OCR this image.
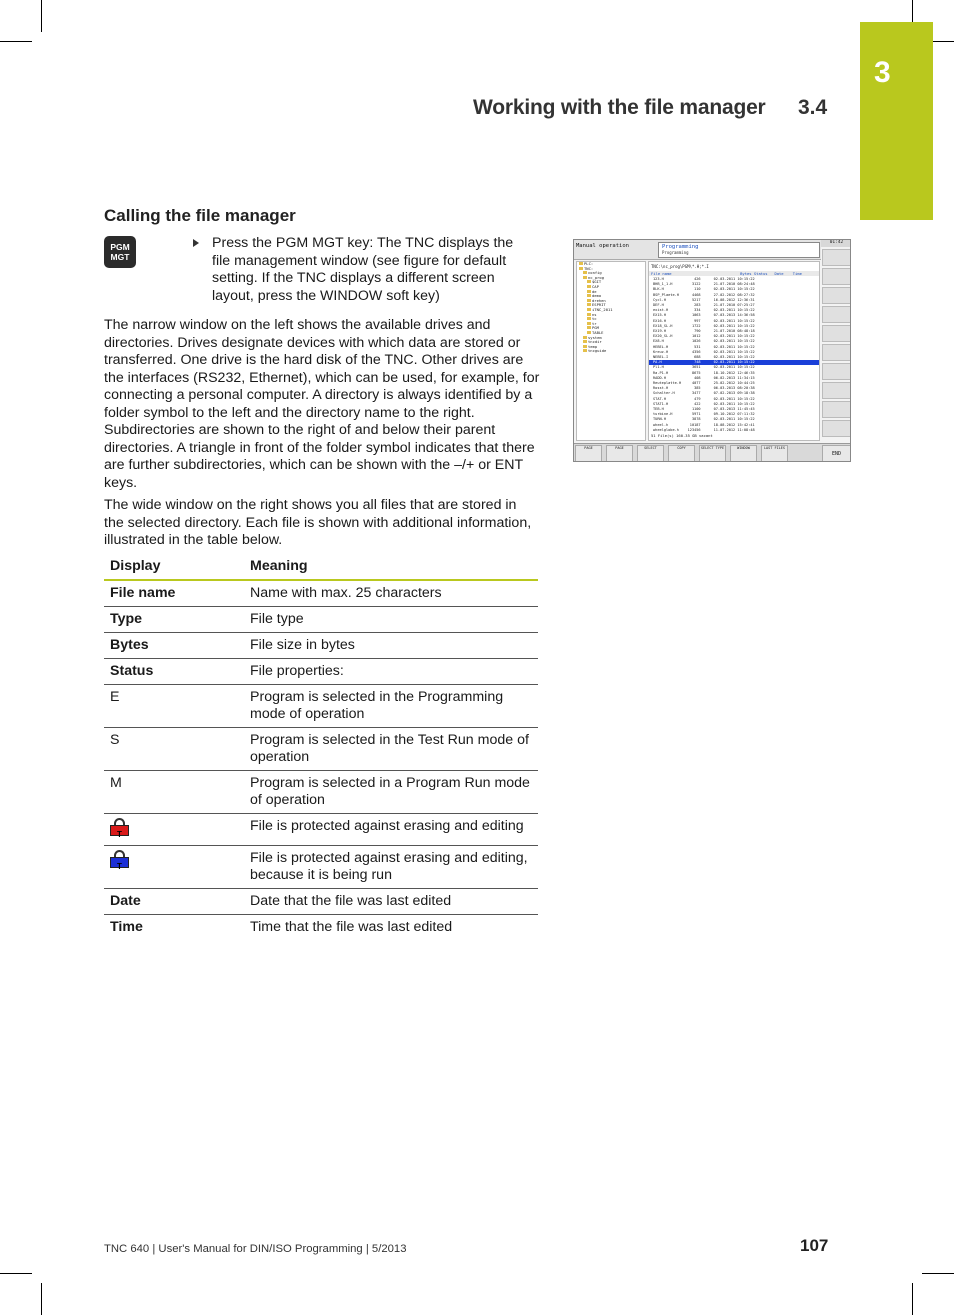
3
Working with the file manager 3.4
Calling the file manager
PGM
MGT
Press the PGM MGT key: The TNC displays the file management window (see figure for default setting. If the TNC displays a different screen layout, press the WINDOW soft key)
The narrow window on the left shows the available drives and directories. Drives designate devices with which data are stored or transferred. One drive is the hard disk of the TNC. Other drives are the interfaces (RS232, Ethernet), which can be used, for example, for connecting a personal computer. A directory is always identified by a folder symbol to the left and the directory name to the right. Subdirectories are shown to the right of and below their parent directories. A triangle in front of the folder symbol indicates that there are further subdirectories, which can be shown with the –/+ or ENT keys.
The wide window on the right shows you all files that are stored in the selected directory. Each file is shown with additional information, illustrated in the table below.
Display	Meaning
File name	Name with max. 25 characters
Type	File type
Bytes	File size in bytes
Status	File properties:
E	Program is selected in the Programming mode of operation
S	Program is selected in the Test Run mode of operation
M	Program is selected in a Program Run mode of operation

T	File is protected against erasing and editing

T	File is protected against erasing and editing, because it is being run
Date	Date that the file was last edited
Time	Time that the file was last edited
Manual operation	Programming
Programming
01:42
PLC:
TNC:
config
nc_prog
$GIT
CAP
de
demo
drehen
ESPRIT
iTNC_2011
ns
tc
tr
PGM
TABLE
system
tncdir
temp
tncguide
TNC:\nc_prog\PGM\*.H;*.I
File name                              Bytes Status   Date    Time
123.H              426      02-03-2011 10:15:22
BHB_1_1.H         3122      21-07-2010 08:24:48
BLK.H              110      02-03-2011 10:15:22
BSP_Plaete.H      4468      27-02-2012 08:27:32
Cycl.H            5217      16-08-2012 12:36:31
DEF.H              283      21-07-2010 07:25:27
exist.H            334      02-03-2011 10:15:22
EX15.H            1063      07-03-2013 14:36:58
EX16.H             997      02-03-2011 10:15:22
EX18_SL.H         1722      02-03-2011 10:15:22
EX19.H             790      21-07-2010 08:48:18
EX20_SL.H         1012      02-03-2011 10:15:22
EX8.H             1026      02-03-2011 10:15:22
HEBEL.H            531      02-03-2011 10:15:22
Kreuz.H           4356      02-03-2011 10:15:22
NEBEL.I            688      02-03-2011 10:15:22
PA.H               748      02-03-2011 10:15:22
Pl1.H             3651      02-03-2011 10:15:22
Ra-P1.H           8675      18-10-2012 12:46:35
RADD.H             408      06-02-2013 11:34:15
Reuteplatte.H     4077      25-02-2012 10:44:25
Rosst.H            385      06-03-2013 08:20:38
Schalter.H        3477      07-02-2013 09:18:38
STAT.H             479      02-03-2011 10:15:22
STAT1.H            422      02-03-2011 10:15:22
TEB.H             1100      07-03-2013 11:45:45
turbine.H         5971      09-10-2012 07:11:32
TURN.H            3878      02-03-2011 10:15:22
wheel.h          10187      18-08-2012 15:42:41
wheelglobe.h    123456      11-07-2012 11:08:48
51 File(s) 160.35 GB vacant
END
PAGE	PAGE	SELECT	COPY	SELECT TYPE	WINDOW	LAST FILES
TNC 640 | User's Manual for DIN/ISO Programming | 5/2013	107
